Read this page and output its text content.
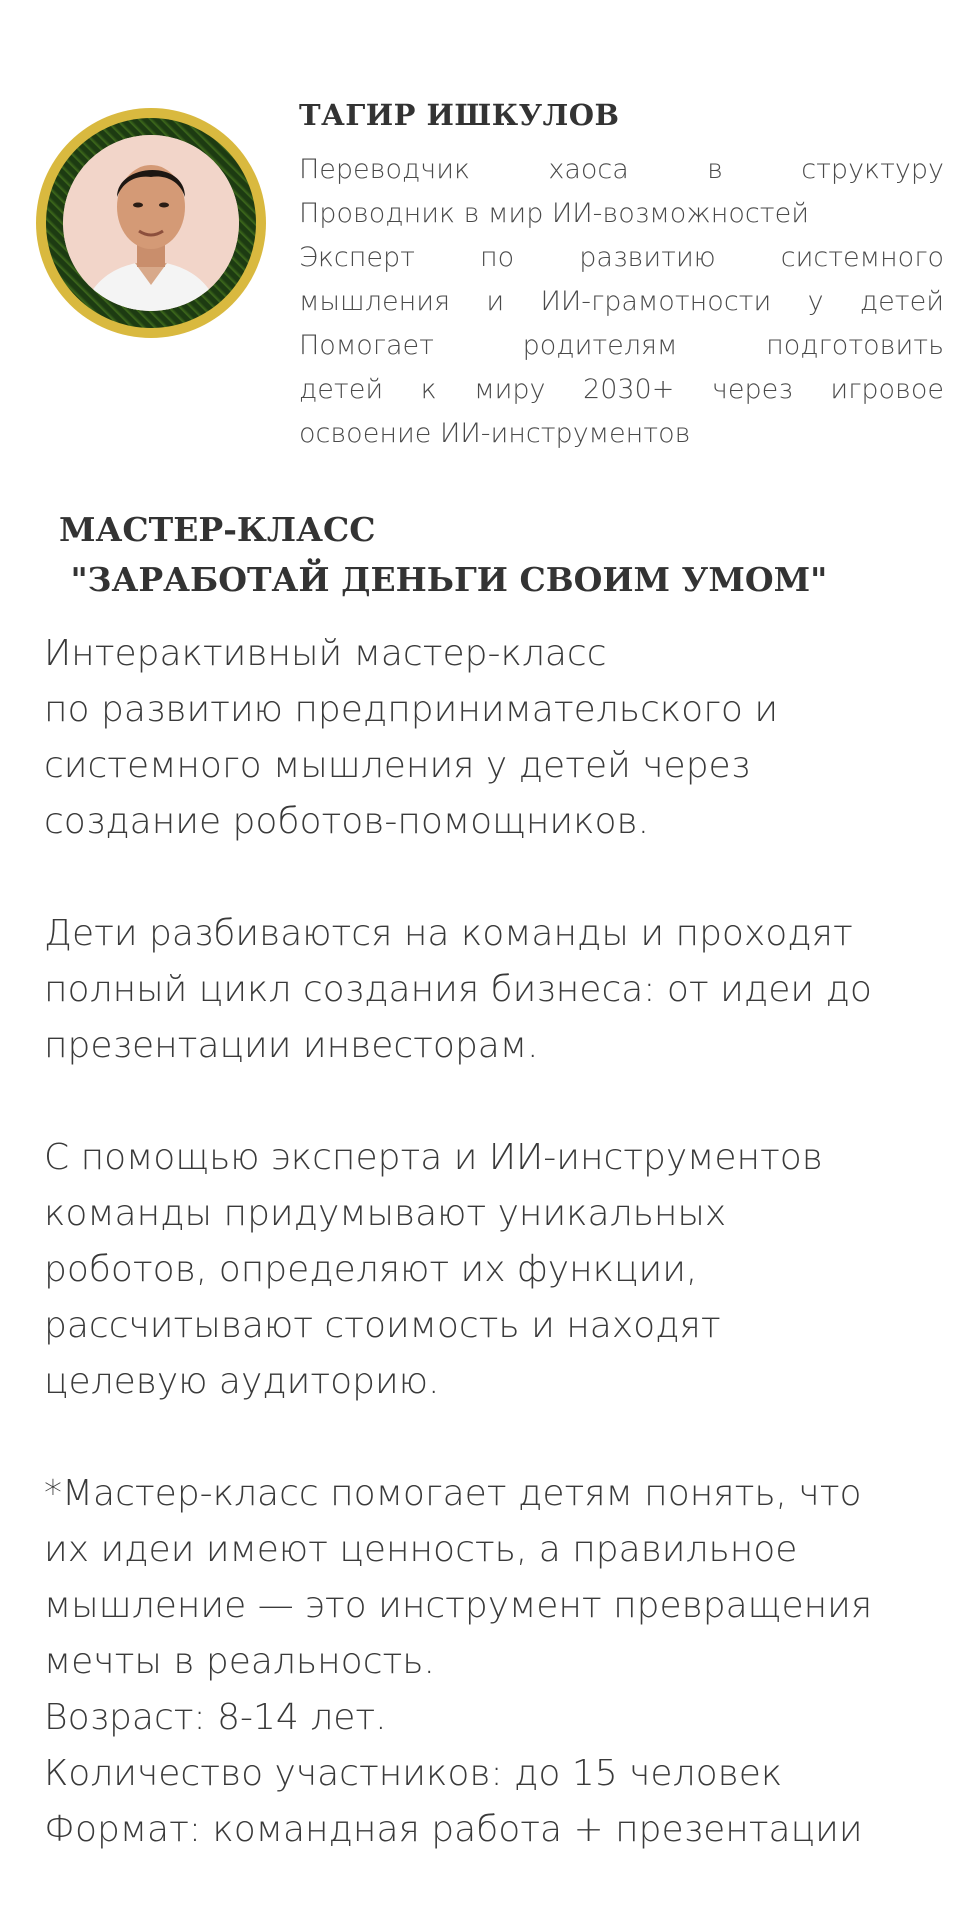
ТАГИР ИШКУЛОВ
Переводчик хаоса в структуру
Проводник в мир ИИ-возможностей
Эксперт по развитию системного
мышления и ИИ-грамотности у детей
Помогает родителям подготовить
детей к миру 2030+ через игровое
освоение ИИ-инструментов
МАСТЕР-КЛАСС
"ЗАРАБОТАЙ ДЕНЬГИ СВОИМ УМОМ"
Интерактивный мастер-класс
по развитию предпринимательского и
системного мышления у детей через
создание роботов-помощников.
Дети разбиваются на команды и проходят
полный цикл создания бизнеса: от идеи до
презентации инвесторам.
С помощью эксперта и ИИ-инструментов
команды придумывают уникальных
роботов, определяют их функции,
рассчитывают стоимость и находят
целевую аудиторию.
*Мастер-класс помогает детям понять, что
их идеи имеют ценность, а правильное
мышление — это инструмент превращения
мечты в реальность.
Возраст: 8-14 лет.
Количество участников: до 15 человек
Формат: командная работа + презентации
